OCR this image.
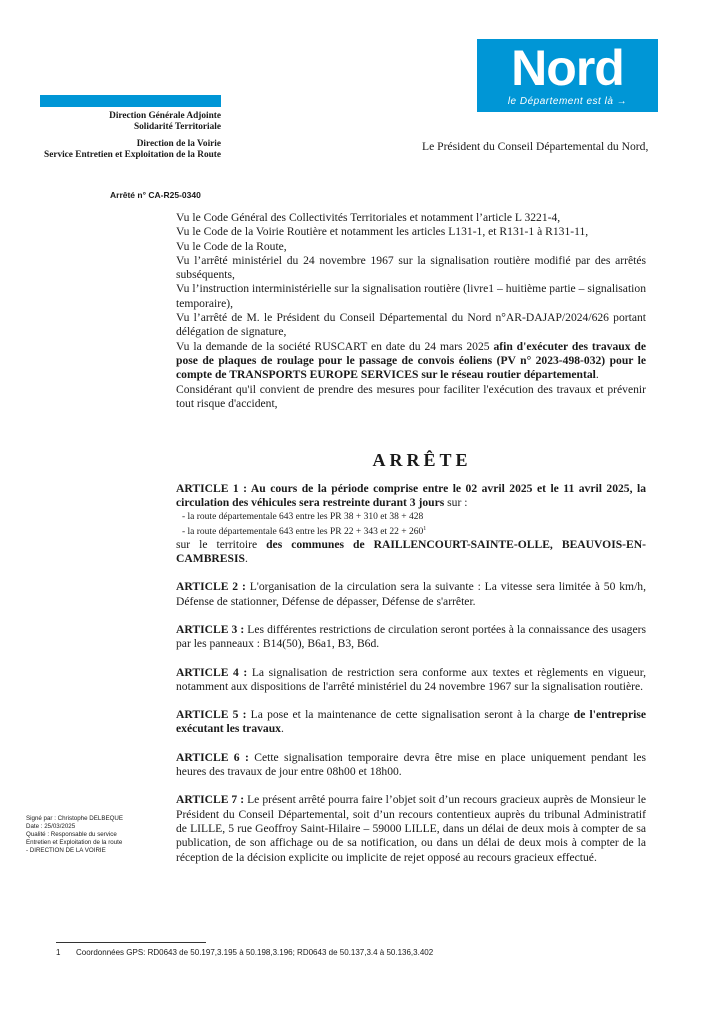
Nord
le Département est là →
Direction Générale Adjointe
Solidarité Territoriale
Direction de la Voirie
Service Entretien et Exploitation de la Route
Le Président du Conseil Départemental du Nord,
Arrêté n° CA-R25-0340

Vu le Code Général des Collectivités Territoriales et notamment l’article L 3221-4,

Vu le Code de la Voirie Routière et notamment les articles L131-1, et R131-1 à R131-11,

Vu le Code de la Route,

Vu l’arrêté ministériel du 24 novembre 1967 sur la signalisation routière modifié par des arrêtés subséquents,

Vu l’instruction interministérielle sur la signalisation routière (livre1 – huitième partie – signalisation temporaire),

Vu l’arrêté de M. le Président du Conseil Départemental du Nord n°AR-DAJAP/2024/626 portant délégation de signature,

Vu la demande de la société RUSCART en date du 24 mars 2025 afin d'exécuter des travaux de pose de plaques de roulage pour le passage de convois éoliens (PV n° 2023-498-032) pour le compte de TRANSPORTS EUROPE SERVICES sur le réseau routier départemental.

Considérant qu'il convient de prendre des mesures pour faciliter l'exécution des travaux et prévenir tout risque d'accident,

ARRÊTE

ARTICLE 1 : Au cours de la période comprise entre le 02 avril 2025 et le 11 avril 2025, la circulation des véhicules sera restreinte durant 3 jours sur :

- la route départementale 643 entre les PR 38 + 310 et 38 + 428

- la route départementale 643 entre les PR 22 + 343 et $22 + 260^1$

sur le territoire des communes de RAILLENCOURT-SAINTE-OLLE, BEAUVOIS-EN-CAMBRESIS.

ARTICLE 2 : L'organisation de la circulation sera la suivante : La vitesse sera limitée à 50 km/h, Défense de stationner, Défense de dépasser, Défense de s'arrêter.

ARTICLE 3 : Les différentes restrictions de circulation seront portées à la connaissance des usagers par les panneaux : B14(50), B6a1, B3, B6d.

ARTICLE 4 : La signalisation de restriction sera conforme aux textes et règlements en vigueur, notamment aux dispositions de l'arrêté ministériel du 24 novembre 1967 sur la signalisation routière.

ARTICLE 5 : La pose et la maintenance de cette signalisation seront à la charge de l'entreprise exécutant les travaux.

ARTICLE 6 : Cette signalisation temporaire devra être mise en place uniquement pendant les heures des travaux de jour entre 08h00 et 18h00.

ARTICLE 7 : Le présent arrêté pourra faire l’objet soit d’un recours gracieux auprès de Monsieur le Président du Conseil Départemental, soit d’un recours contentieux auprès du tribunal Administratif de LILLE, 5 rue Geoffroy Saint-Hilaire – 59000 LILLE, dans un délai de deux mois à compter de sa publication, de son affichage ou de sa notification, ou dans un délai de deux mois à compter de la réception de la décision explicite ou implicite de rejet opposé au recours gracieux effectué.

Signé par : Christophe DELBEQUE
Date : 25/03/2025
Qualité : Responsable du service
Entretien et Exploitation de la route
- DIRECTION DE LA VOIRIE
1 Coordonnées GPS: RD0643 de 50.197,3.195 à 50.198,3.196; RD0643 de 50.137,3.4 à 50.136,3.402
